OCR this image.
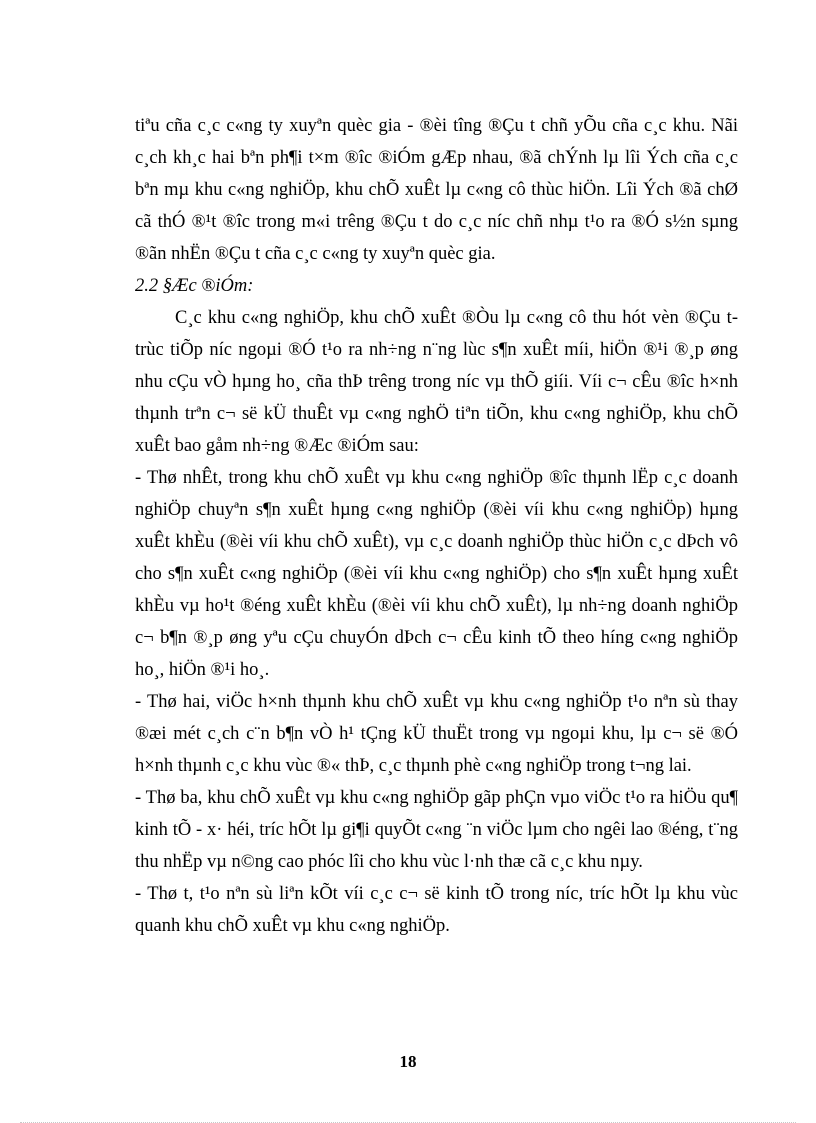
tiªu cña c¸c c«ng ty xuyªn quèc gia - ®èi tîng ®Çu t chñ yÕu cña c¸c khu. Nãi c¸ch kh¸c hai bªn ph¶i t×m ®îc ®iÓm gÆp nhau, ®ã chÝnh lµ lîi Ých cña c¸c bªn mµ khu c«ng nghiÖp, khu chÕ xuÊt lµ c«ng cô thùc hiÖn. Lîi Ých ®ã chØ cã thÓ ®¹t ®îc trong m«i trêng ®Çu t do c¸c níc chñ nhµ t¹o ra ®Ó s½n sµng ®ãn nhËn ®Çu t cña c¸c c«ng ty xuyªn quèc gia.

2.2 §Æc ®iÓm:

C¸c khu c«ng nghiÖp, khu chÕ xuÊt ®Òu lµ c«ng cô thu hót vèn ®Çu t trùc tiÕp níc ngoµi ®Ó t¹o ra nh÷ng n¨ng lùc s¶n xuÊt míi, hiÖn ®¹i ®¸p øng nhu cÇu vÒ hµng ho¸ cña thÞ trêng trong níc vµ thÕ giíi. Víi c¬ cÊu ®îc h×nh thµnh trªn c¬ së kÜ thuÊt vµ c«ng nghÖ tiªn tiÕn, khu c«ng nghiÖp, khu chÕ xuÊt bao gåm nh÷ng ®Æc ®iÓm sau:

- Thø nhÊt, trong khu chÕ xuÊt vµ khu c«ng nghiÖp ®îc thµnh lËp c¸c doanh nghiÖp chuyªn s¶n xuÊt hµng c«ng nghiÖp (®èi víi khu c«ng nghiÖp) hµng xuÊt khÈu (®èi víi khu chÕ xuÊt), vµ c¸c doanh nghiÖp thùc hiÖn c¸c dÞch vô cho s¶n xuÊt c«ng nghiÖp (®èi víi khu c«ng nghiÖp) cho s¶n xuÊt hµng xuÊt khÈu vµ ho¹t ®éng xuÊt khÈu (®èi víi khu chÕ xuÊt), lµ nh÷ng doanh nghiÖp c¬ b¶n ®¸p øng yªu cÇu chuyÓn dÞch c¬ cÊu kinh tÕ theo híng c«ng nghiÖp ho¸, hiÖn ®¹i ho¸.

- Thø hai, viÖc h×nh thµnh khu chÕ xuÊt vµ khu c«ng nghiÖp t¹o nªn sù thay ®æi mét c¸ch c¨n b¶n vÒ h¹ tÇng kÜ thuËt trong vµ ngoµi khu, lµ c¬ së ®Ó h×nh thµnh c¸c khu vùc ®« thÞ, c¸c thµnh phè c«ng nghiÖp trong t¬ng lai.

- Thø ba, khu chÕ xuÊt vµ khu c«ng nghiÖp gãp phÇn vµo viÖc t¹o ra hiÖu qu¶ kinh tÕ - x· héi, tríc hÕt lµ gi¶i quyÕt c«ng ¨n viÖc lµm cho ngêi lao ®éng, t¨ng thu nhËp vµ n©ng cao phóc lîi cho khu vùc l·nh thæ cã c¸c khu nµy.

- Thø t, t¹o nªn sù liªn kÕt víi c¸c c¬ së kinh tÕ trong níc, tríc hÕt lµ khu vùc quanh khu chÕ xuÊt vµ khu c«ng nghiÖp.

18
